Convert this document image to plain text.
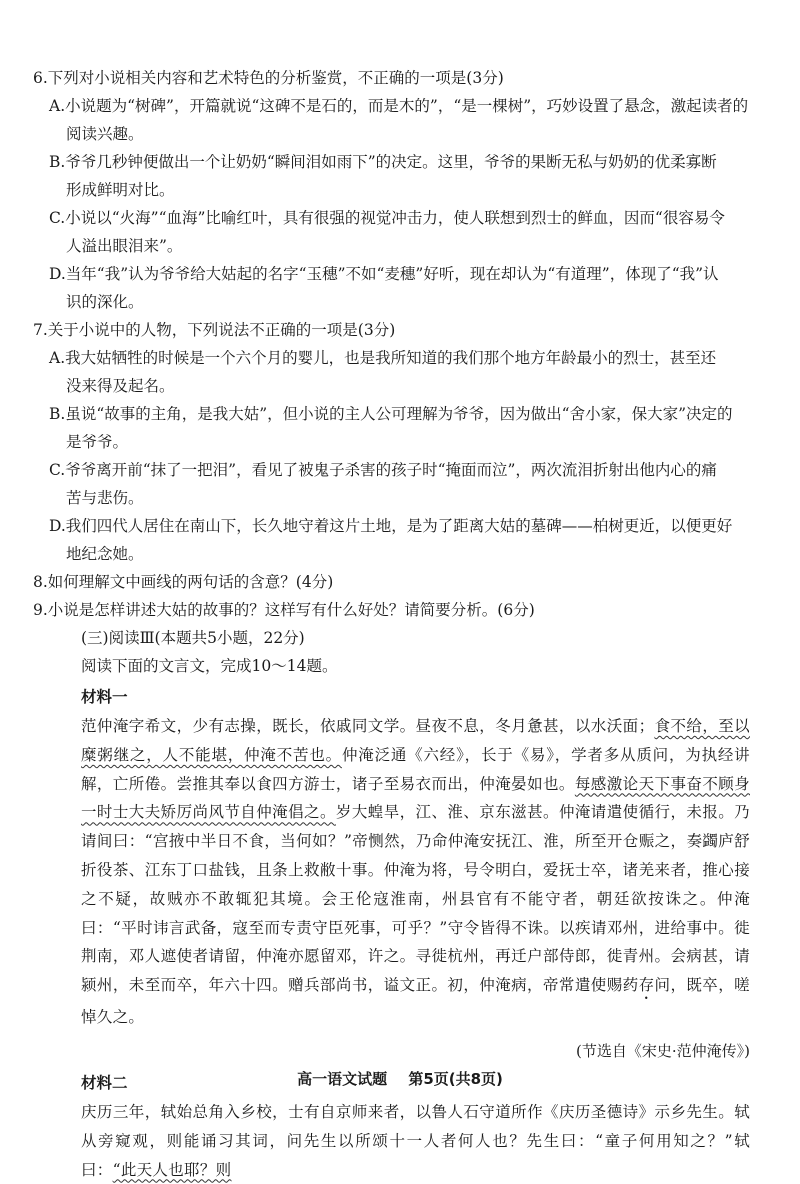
6.下列对小说相关内容和艺术特色的分析鉴赏，不正确的一项是(3分)

A.小说题为“树碑”，开篇就说“这碑不是石的，而是木的”，“是一棵树”，巧妙设置了悬念，激起读者的
阅读兴趣。

B.爷爷几秒钟便做出一个让奶奶“瞬间泪如雨下”的决定。这里，爷爷的果断无私与奶奶的优柔寡断
形成鲜明对比。

C.小说以“火海”“血海”比喻红叶，具有很强的视觉冲击力，使人联想到烈士的鲜血，因而“很容易令
人溢出眼泪来”。

D.当年“我”认为爷爷给大姑起的名字“玉穗”不如“麦穗”好听，现在却认为“有道理”，体现了“我”认
识的深化。

7.关于小说中的人物，下列说法不正确的一项是(3分)

A.我大姑牺牲的时候是一个六个月的婴儿，也是我所知道的我们那个地方年龄最小的烈士，甚至还
没来得及起名。

B.虽说“故事的主角，是我大姑”，但小说的主人公可理解为爷爷，因为做出“舍小家，保大家”决定的
是爷爷。

C.爷爷离开前“抹了一把泪”，看见了被鬼子杀害的孩子时“掩面而泣”，两次流泪折射出他内心的痛
苦与悲伤。

D.我们四代人居住在南山下，长久地守着这片土地，是为了距离大姑的墓碑——柏树更近，以便更好
地纪念她。

8.如何理解文中画线的两句话的含意？(4分)

9.小说是怎样讲述大姑的故事的？这样写有什么好处？请简要分析。(6分)

(三)阅读Ⅲ(本题共5小题，22分)

阅读下面的文言文，完成10～14题。

材料一
范仲淹字希文，少有志操，既长，依戚同文学。昼夜不息，冬月惫甚，以水沃面；食不给，至以糜粥继之，人不能堪，仲淹不苦也。仲淹泛通《六经》，长于《易》，学者多从质问，为执经讲解，亡所倦。尝推其奉以食四方游士，诸子至易衣而出，仲淹晏如也。每感激论天下事奋不顾身一时士大夫矫厉尚风节自仲淹倡之。岁大蝗旱，江、淮、京东滋甚。仲淹请遣使循行，未报。乃请间曰：“宫掖中半日不食，当何如？”帝恻然，乃命仲淹安抚江、淮，所至开仓赈之，奏蠲庐舒折役茶、江东丁口盐钱，且条上救敝十事。仲淹为将，号令明白，爱抚士卒，诸羌来者，推心接之不疑，故贼亦不敢辄犯其境。会王伦寇淮南，州县官有不能守者，朝廷欲按诛之。仲淹曰：“平时讳言武备，寇至而专责守臣死事，可乎？”守令皆得不诛。以疾请邓州，进给事中。徙荆南，邓人遮使者请留，仲淹亦愿留邓，许之。寻徙杭州，再迁户部侍郎，徙青州。会病甚，请颍州，未至而卒，年六十四。赠兵部尚书，谥文正。初，仲淹病，帝常遣使赐药存问，既卒，嗟悼久之。
(节选自《宋史·范仲淹传》)
材料二
庆历三年，轼始总角入乡校，士有自京师来者，以鲁人石守道所作《庆历圣德诗》示乡先生。轼从旁窥观，则能诵习其词，问先生以所颂十一人者何人也？先生曰：“童子何用知之？”轼曰：“此天人也耶？则
高一语文试题 第5页(共8页)
